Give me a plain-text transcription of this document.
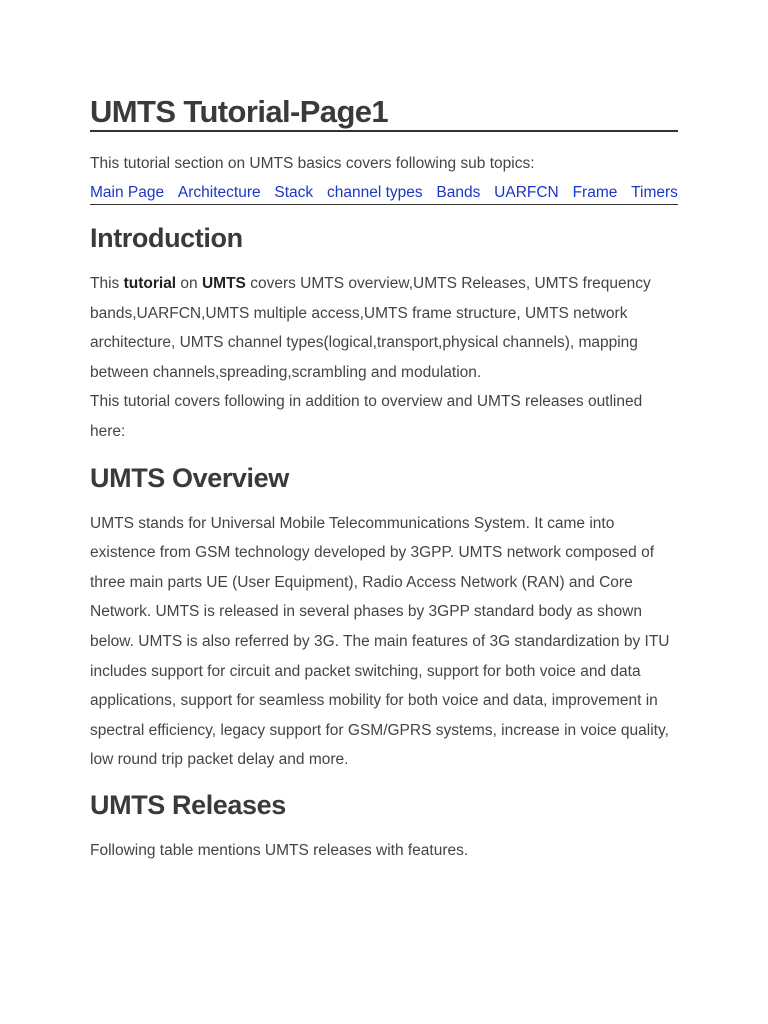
UMTS Tutorial-Page1

This tutorial section on UMTS basics covers following sub topics:

Main Page Architecture Stack channel types Bands UARFCN Frame Timers
Introduction

This tutorial on UMTS covers UMTS overview,UMTS Releases, UMTS frequency bands,UARFCN,UMTS multiple access,UMTS frame structure, UMTS network architecture, UMTS channel types(logical,transport,physical channels), mapping between channels,spreading,scrambling and modulation.
This tutorial covers following in addition to overview and UMTS releases outlined here:

UMTS Overview

UMTS stands for Universal Mobile Telecommunications System. It came into existence from GSM technology developed by 3GPP. UMTS network composed of three main parts UE (User Equipment), Radio Access Network (RAN) and Core Network. UMTS is released in several phases by 3GPP standard body as shown below. UMTS is also referred by 3G. The main features of 3G standardization by ITU includes support for circuit and packet switching, support for both voice and data applications, support for seamless mobility for both voice and data, improvement in spectral efficiency, legacy support for GSM/GPRS systems, increase in voice quality, low round trip packet delay and more.

UMTS Releases

Following table mentions UMTS releases with features.
